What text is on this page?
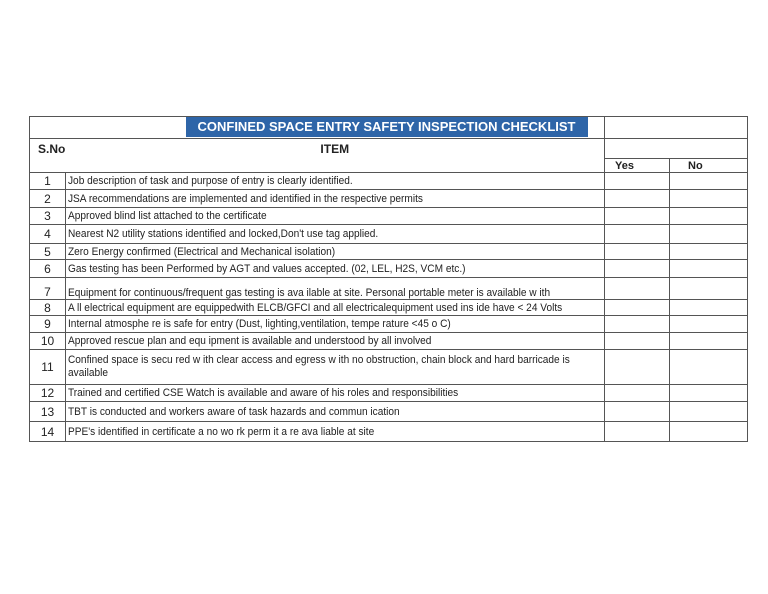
	CONFINED SPACE ENTRY SAFETY INSPECTION CHECKLIST		

S.No	ITEM		
		Yes	No
1	Job description of task and purpose of entry is clearly identified.		
2	JSA recommendations are implemented and identified in the respective permits		
3	Approved blind list attached to the certificate		
4	Nearest N2 utility stations identified and locked,Don't use tag applied.		
5	Zero Energy confirmed (Electrical and Mechanical isolation)		
6	Gas testing has been Performed by AGT and values accepted. (02, LEL, H2S, VCM etc.)		
7	Equipment for continuous/frequent gas testing is ava ilable at site. Personal portable meter is available w ith		
8	A ll electrical equipment are equippedwith ELCB/GFCI and all electricalequipment used ins ide have < 24 Volts		
9	Internal atmosphe re is safe for entry (Dust, lighting,ventilation, tempe rature <45 o C)		
10	Approved rescue plan and equ ipment is available and understood by all involved		
11	Confined space is secu red w ith clear access and egress w ith no obstruction, chain block and hard barricade is available		
12	Trained and certified CSE Watch is available and aware of his roles and responsibilities		
13	TBT is conducted and workers aware of task hazards and commun ication		
14	PPE's identified in certificate a no wo rk perm it a re ava liable at site		
